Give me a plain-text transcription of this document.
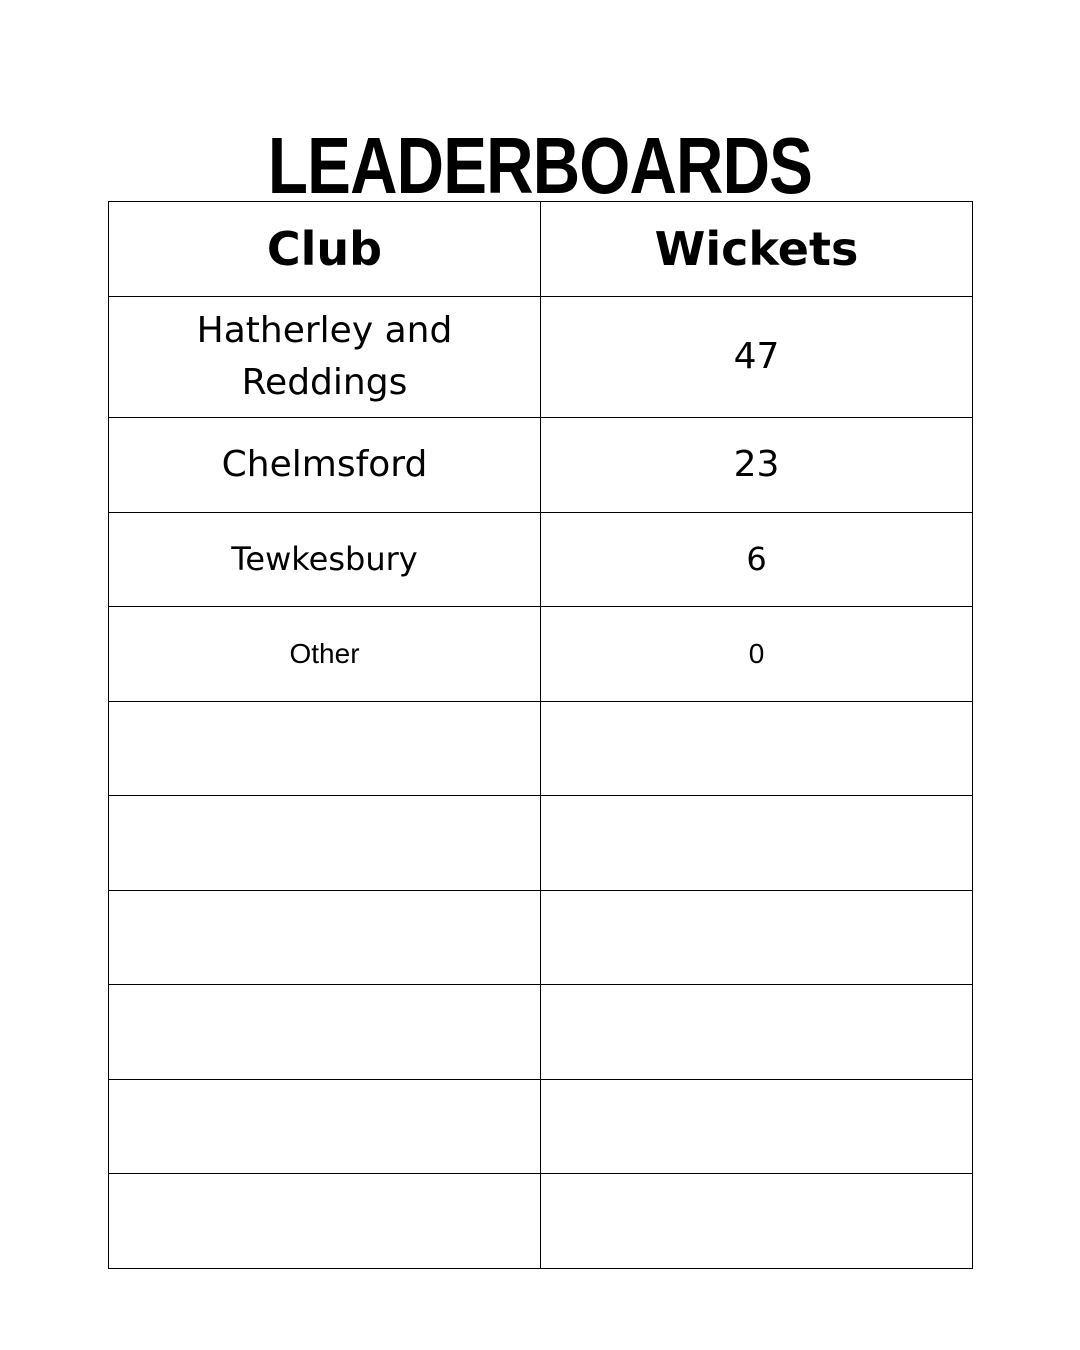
LEADERBOARDS
Club	Wickets
Hatherley and Reddings	47
Chelmsford	23
Tewkesbury	6
Other	0
